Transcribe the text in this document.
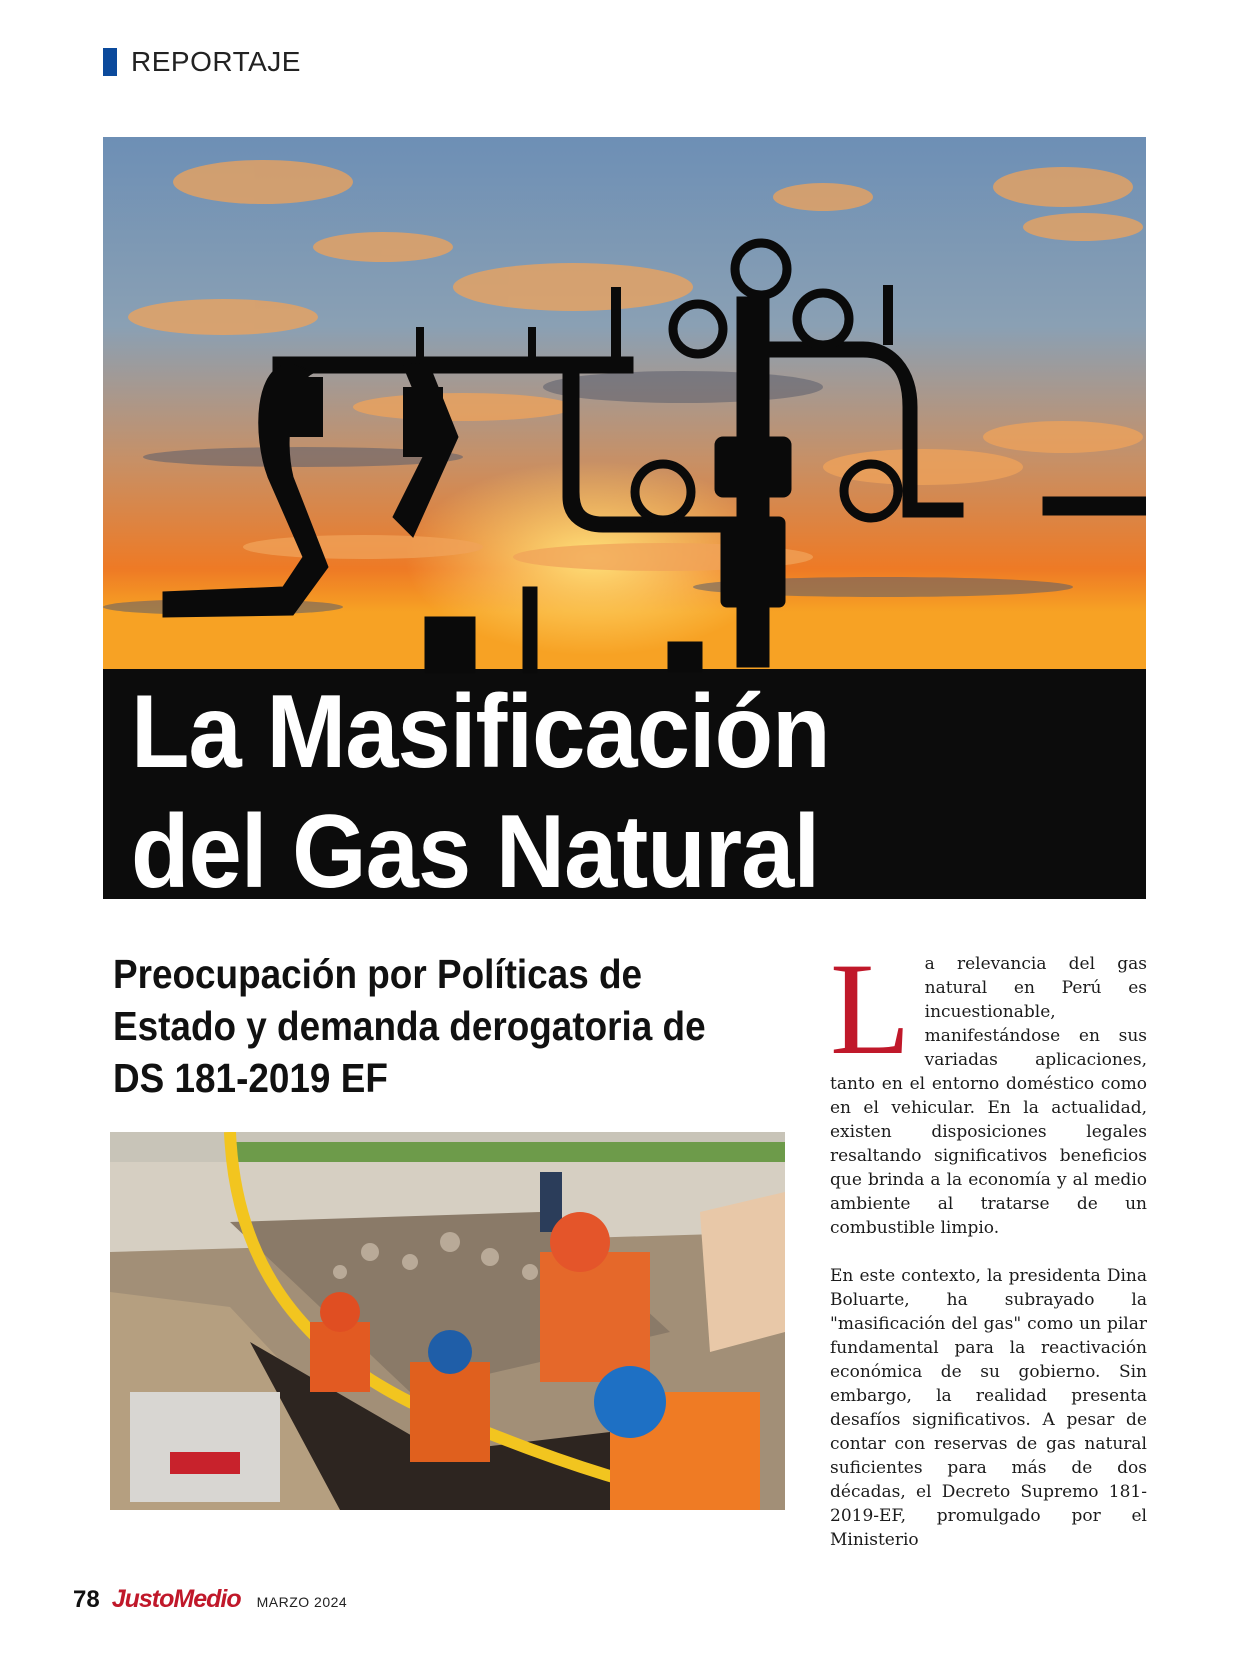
REPORTAJE
La Masificación
del Gas Natural
Preocupación por Políticas de
Estado y demanda derogatoria de
DS 181-2019 EF	La relevancia del gas natural en Perú es incuestionable, manifestándose en sus variadas aplicaciones, tanto en el entorno doméstico como en el vehicular. En la actualidad, existen disposiciones legales resaltando significativos beneficios que brinda a la economía y al medio ambiente al tratarse de un combustible limpio.

En este contexto, la presidenta Dina Boluarte, ha subrayado la "masificación del gas" como un pilar fundamental para la reactivación económica de su gobierno. Sin embargo, la realidad presenta desafíos significativos. A pesar de contar con reservas de gas natural suficientes para más de dos décadas, el Decreto Supremo 181-2019-EF, promulgado por el Ministerio

78 JustoMedio MARZO 2024
